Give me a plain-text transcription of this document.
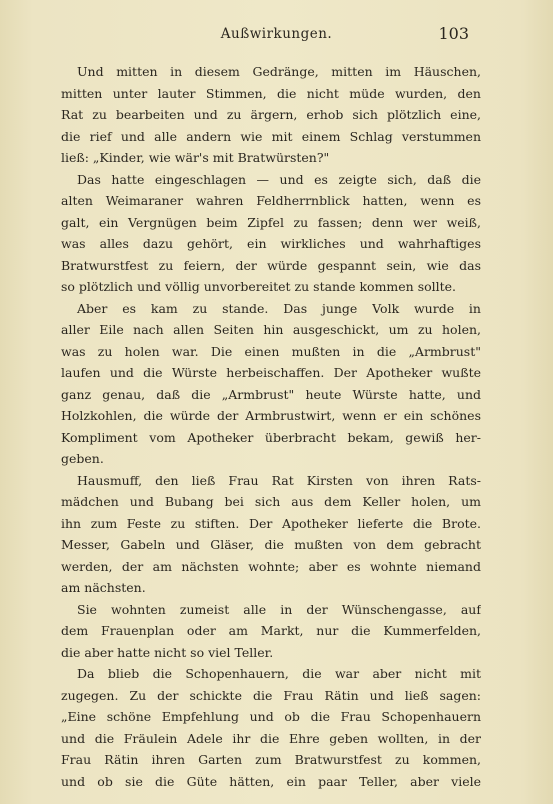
Außwirkungen.	103
Und mitten in diesem Gedränge, mitten im Häuschen,
mitten unter lauter Stimmen, die nicht müde wurden, den
Rat zu bearbeiten und zu ärgern, erhob sich plötzlich eine,
die rief und alle andern wie mit einem Schlag verstummen
ließ: „Kinder, wie wär's mit Bratwürsten?"
Das hatte eingeschlagen — und es zeigte sich, daß die
alten Weimaraner wahren Feldherrnblick hatten, wenn es
galt, ein Vergnügen beim Zipfel zu fassen; denn wer weiß,
was alles dazu gehört, ein wirkliches und wahrhaftiges
Bratwurstfest zu feiern, der würde gespannt sein, wie das
so plötzlich und völlig unvorbereitet zu stande kommen sollte.
Aber es kam zu stande. Das junge Volk wurde in
aller Eile nach allen Seiten hin ausgeschickt, um zu holen,
was zu holen war. Die einen mußten in die „Armbrust"
laufen und die Würste herbeischaffen. Der Apotheker wußte
ganz genau, daß die „Armbrust" heute Würste hatte, und
Holzkohlen, die würde der Armbrustwirt, wenn er ein schönes
Kompliment vom Apotheker überbracht bekam, gewiß her-
geben.
Hausmuff, den ließ Frau Rat Kirsten von ihren Rats-
mädchen und Bubang bei sich aus dem Keller holen, um
ihn zum Feste zu stiften. Der Apotheker lieferte die Brote.
Messer, Gabeln und Gläser, die mußten von dem gebracht
werden, der am nächsten wohnte; aber es wohnte niemand
am nächsten.
Sie wohnten zumeist alle in der Wünschengasse, auf
dem Frauenplan oder am Markt, nur die Kummerfelden,
die aber hatte nicht so viel Teller.
Da blieb die Schopenhauern, die war aber nicht mit
zugegen. Zu der schickte die Frau Rätin und ließ sagen:
„Eine schöne Empfehlung und ob die Frau Schopenhauern
und die Fräulein Adele ihr die Ehre geben wollten, in der
Frau Rätin ihren Garten zum Bratwurstfest zu kommen,
und ob sie die Güte hätten, ein paar Teller, aber viele
